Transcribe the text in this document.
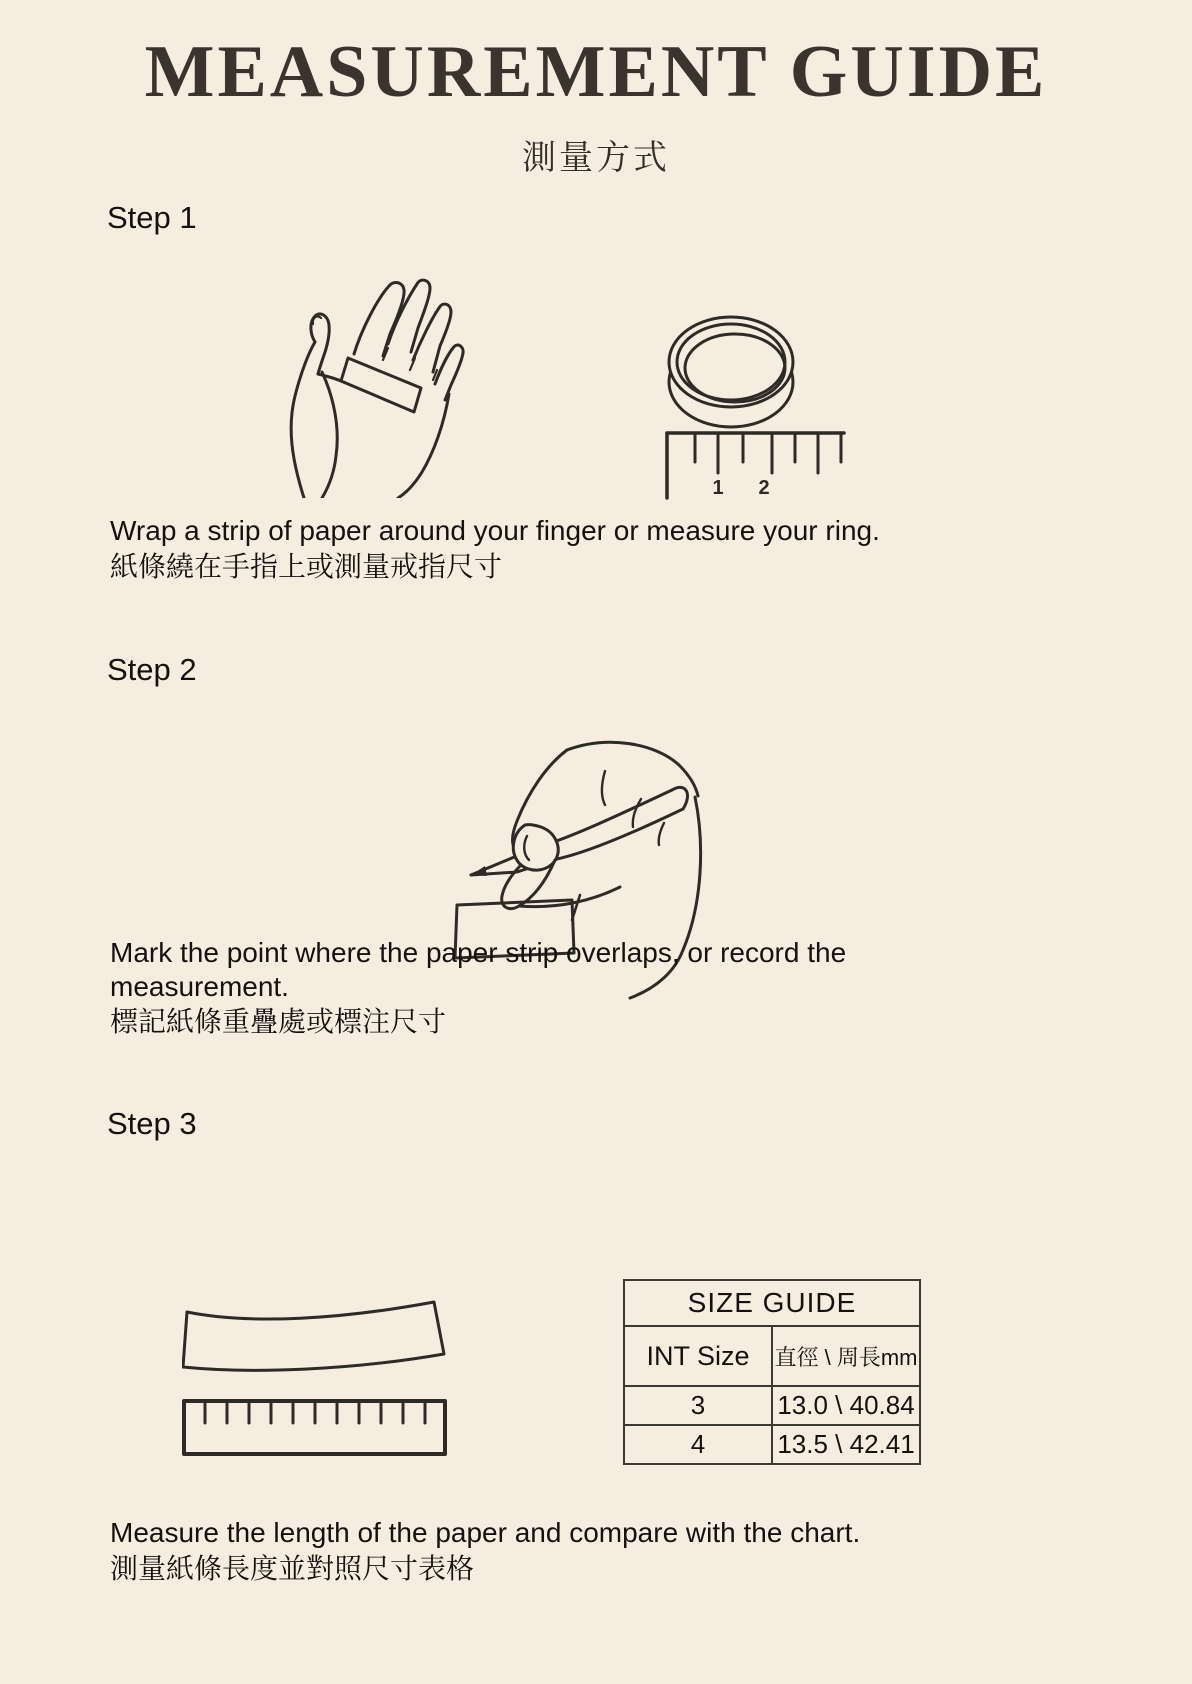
MEASUREMENT GUIDE
測量方式
Step 1
1 2
Wrap a strip of paper around your finger or measure your ring.
紙條繞在手指上或測量戒指尺寸
Step 2
Mark the point where the paper strip overlaps, or record the measurement.
標記紙條重疊處或標注尺寸
Step 3
SIZE GUIDE	
INT Size	直徑 \ 周長mm
3	13.0 \ 40.84
4	13.5 \ 42.41
Measure the length of the paper and compare with the chart.
測量紙條長度並對照尺寸表格
